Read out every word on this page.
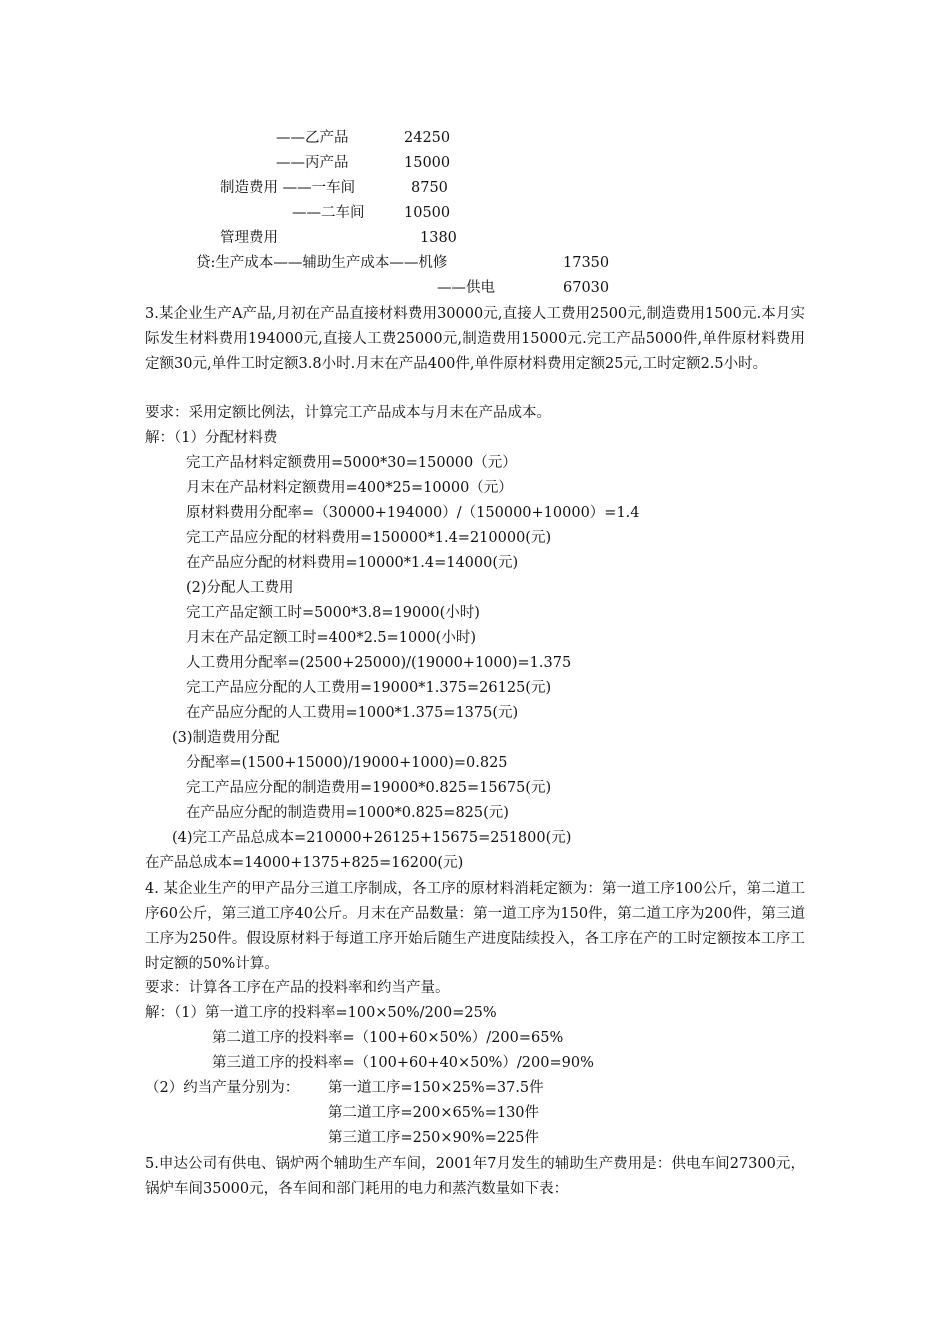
——乙产品	24250
——丙产品	15000
制造费用 ——一车间	8750
——二车间	10500
管理费用	1380
贷:生产成本——辅助生产成本——机修	17350
——供电	67030
3.某企业生产A产品,月初在产品直接材料费用30000元,直接人工费用2500元,制造费用1500元.本月实际发生材料费用194000元,直接人工费25000元,制造费用15000元.完工产品5000件,单件原材料费用定额30元,单件工时定额3.8小时.月末在产品400件,单件原材料费用定额25元,工时定额2.5小时。
要求：采用定额比例法，计算完工产品成本与月末在产品成本。
解：（1）分配材料费
完工产品材料定额费用=5000*30=150000（元）
月末在产品材料定额费用=400*25=10000（元）
原材料费用分配率=（30000+194000）/（150000+10000）=1.4
完工产品应分配的材料费用=150000*1.4=210000(元)
在产品应分配的材料费用=10000*1.4=14000(元)
(2)分配人工费用
完工产品定额工时=5000*3.8=19000(小时)
月末在产品定额工时=400*2.5=1000(小时)
人工费用分配率=(2500+25000)/(19000+1000)=1.375
完工产品应分配的人工费用=19000*1.375=26125(元)
在产品应分配的人工费用=1000*1.375=1375(元)
(3)制造费用分配
分配率=(1500+15000)/19000+1000)=0.825
完工产品应分配的制造费用=19000*0.825=15675(元)
在产品应分配的制造费用=1000*0.825=825(元)
(4)完工产品总成本=210000+26125+15675=251800(元)
在产品总成本=14000+1375+825=16200(元)
4. 某企业生产的甲产品分三道工序制成，各工序的原材料消耗定额为：第一道工序100公斤，第二道工序60公斤，第三道工序40公斤。月末在产品数量：第一道工序为150件，第二道工序为200件，第三道工序为250件。假设原材料于每道工序开始后随生产进度陆续投入，各工序在产的工时定额按本工序工时定额的50%计算。
要求：计算各工序在产品的投料率和约当产量。
解：（1）第一道工序的投料率=100×50%/200=25%
第二道工序的投料率=（100+60×50%）/200=65%
第三道工序的投料率=（100+60+40×50%）/200=90%
（2）约当产量分别为： 第一道工序=150×25%=37.5件
第二道工序=200×65%=130件
第三道工序=250×90%=225件
5.申达公司有供电、锅炉两个辅助生产车间，2001年7月发生的辅助生产费用是：供电车间27300元，锅炉车间35000元，各车间和部门耗用的电力和蒸汽数量如下表：
